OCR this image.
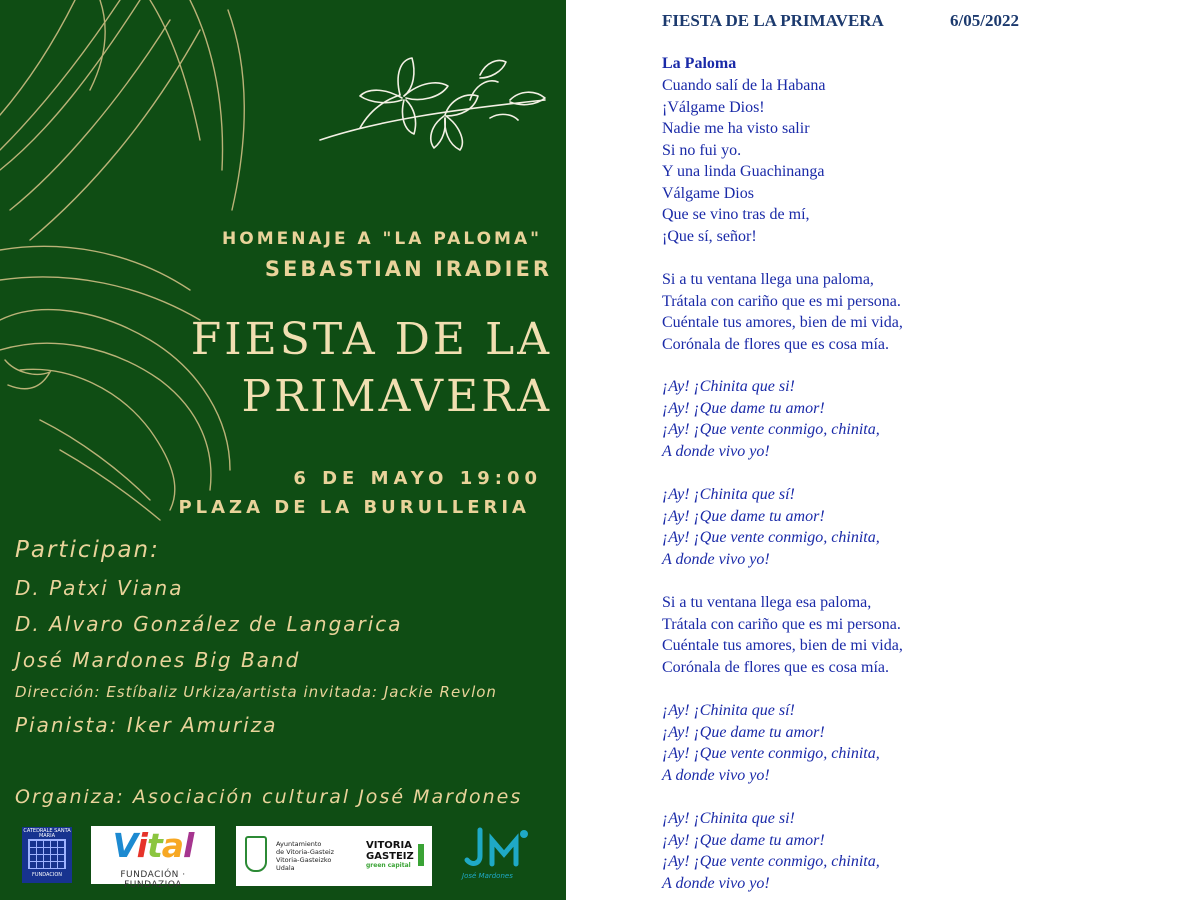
HOMENAJE A "LA PALOMA"
SEBASTIAN IRADIER
FIESTA DE LA
PRIMAVERA
6 DE MAYO 19:00
PLAZA DE LA BURULLERIA
Participan:
D. Patxi Viana
D. Alvaro González de Langarica
José Mardones Big Band
Dirección: Estíbaliz Urkiza/artista invitada: Jackie Revlon
Pianista: Iker Amuriza
Organiza: Asociación cultural José Mardones
CATEDRALE SANTA MARIA
FUNDACION
Vital
FUNDACIÓN · FUNDAZIOA
Ayuntamiento
de Vitoria-Gasteiz
Vitoria-Gasteizko
Udala
VITORIA
GASTEIZ
green capital
José Mardones
FIESTA DE LA PRIMAVERA	6/05/2022
La Paloma
Cuando salí de la Habana
¡Válgame Dios!
Nadie me ha visto salir
Si no fui yo.
Y una linda Guachinanga
Válgame Dios
Que se vino tras de mí,
¡Que sí, señor!
Si a tu ventana llega una paloma,
Trátala con cariño que es mi persona.
Cuéntale tus amores, bien de mi vida,
Corónala de flores que es cosa mía.
¡Ay! ¡Chinita que si!
¡Ay! ¡Que dame tu amor!
¡Ay! ¡Que vente conmigo, chinita,
A donde vivo yo!
¡Ay! ¡Chinita que sí!
¡Ay! ¡Que dame tu amor!
¡Ay! ¡Que vente conmigo, chinita,
A donde vivo yo!
Si a tu ventana llega esa paloma,
Trátala con cariño que es mi persona.
Cuéntale tus amores, bien de mi vida,
Corónala de flores que es cosa mía.
¡Ay! ¡Chinita que sí!
¡Ay! ¡Que dame tu amor!
¡Ay! ¡Que vente conmigo, chinita,
A donde vivo yo!
¡Ay! ¡Chinita que si!
¡Ay! ¡Que dame tu amor!
¡Ay! ¡Que vente conmigo, chinita,
A donde vivo yo!
